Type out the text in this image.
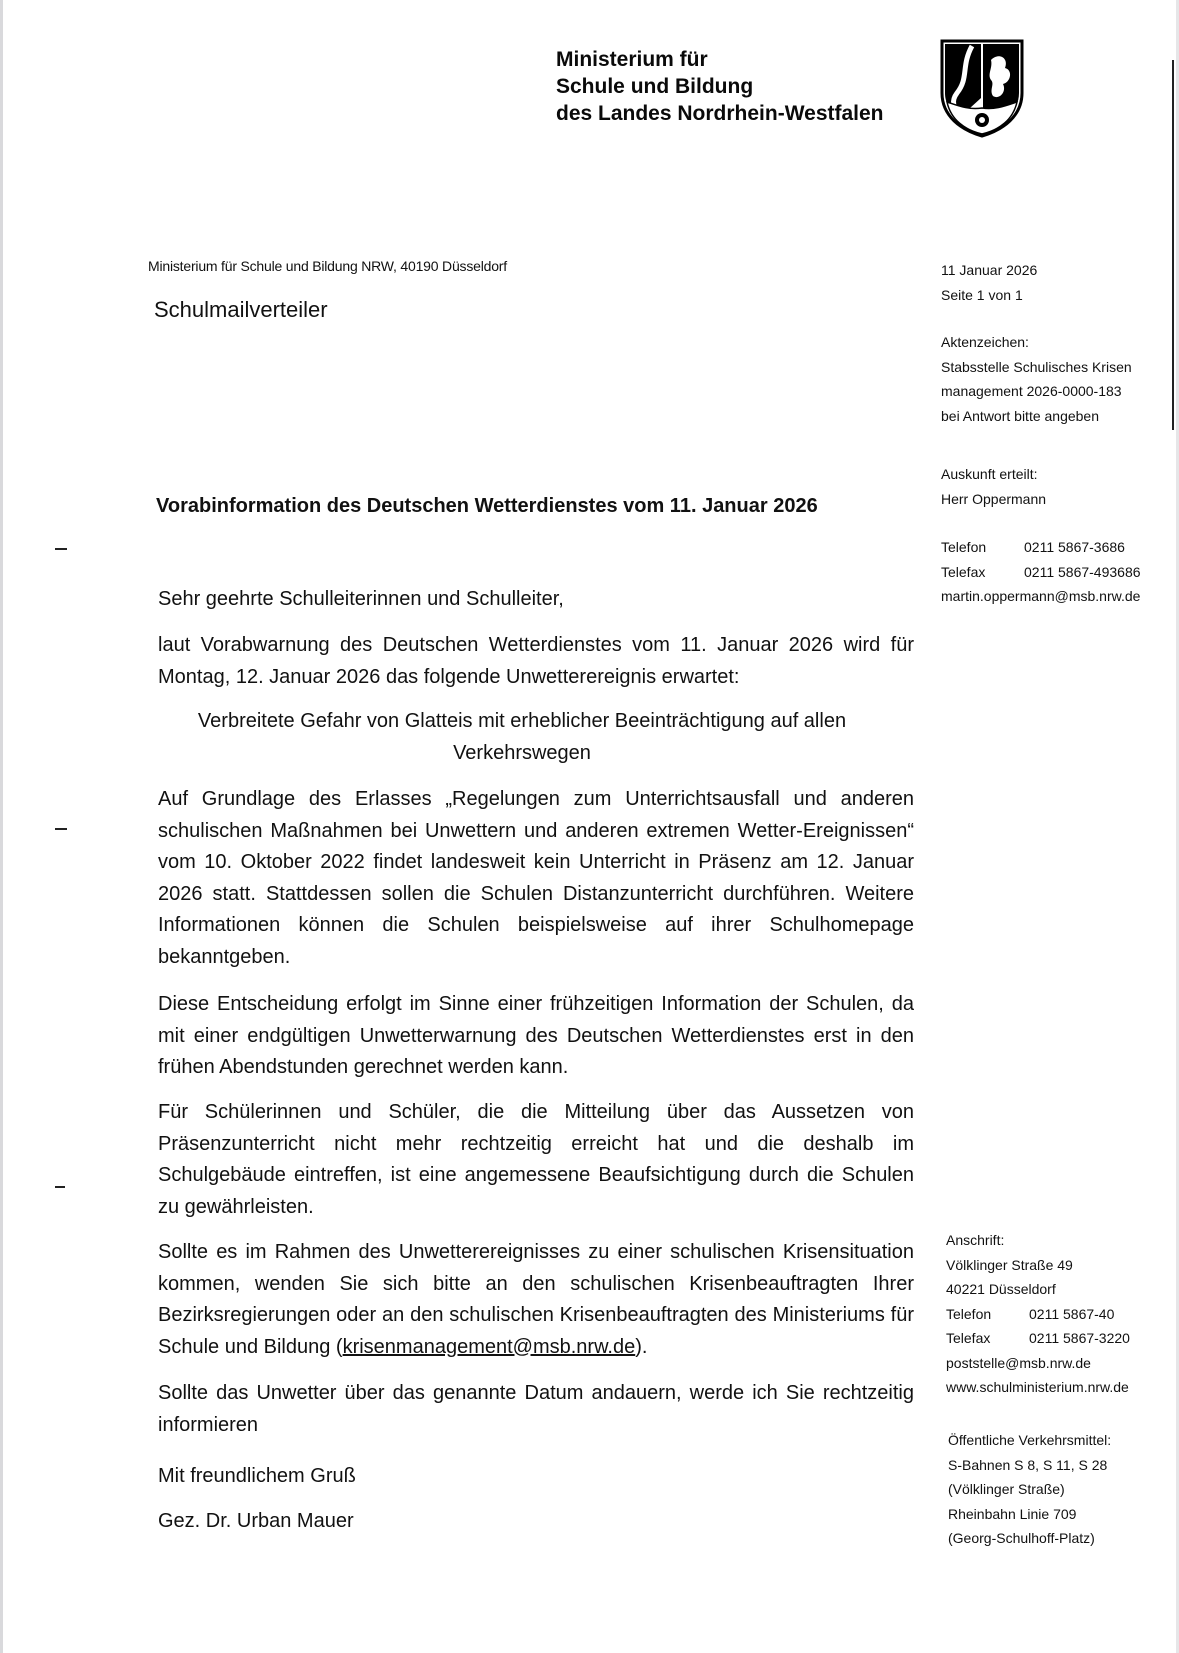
Ministerium für
Schule und Bildung
des Landes Nordrhein-Westfalen
Ministerium für Schule und Bildung NRW, 40190 Düsseldorf
Schulmailverteiler
11 Januar 2026
Seite 1 von 1
Aktenzeichen:
Stabsstelle Schulisches Krisen
management 2026-0000-183
bei Antwort bitte angeben
Auskunft erteilt:
Herr Oppermann
Telefon	0211 5867-3686
Telefax	0211 5867-493686
martin.oppermann@msb.nrw.de
Anschrift:
Völklinger Straße 49
40221 Düsseldorf
Telefon	0211 5867-40
Telefax	0211 5867-3220
poststelle@msb.nrw.de
www.schulministerium.nrw.de
Öffentliche Verkehrsmittel:
S-Bahnen S 8, S 11, S 28
(Völklinger Straße)
Rheinbahn Linie 709
(Georg-Schulhoff-Platz)
Vorabinformation des Deutschen Wetterdienstes vom 11. Januar 2026

Sehr geehrte Schulleiterinnen und Schulleiter,

laut Vorabwarnung des Deutschen Wetterdienstes vom 11. Januar 2026 wird für Montag, 12. Januar 2026 das folgende Unwetterereignis erwartet:

Verbreitete Gefahr von Glatteis mit erheblicher Beeinträchtigung auf allen Verkehrswegen

Auf Grundlage des Erlasses „Regelungen zum Unterrichtsausfall und anderen schulischen Maßnahmen bei Unwettern und anderen extremen Wetter-Ereignissen“ vom 10. Oktober 2022 findet landesweit kein Unterricht in Präsenz am 12. Januar 2026 statt. Stattdessen sollen die Schulen Distanzunterricht durchführen. Weitere Informationen können die Schulen beispielsweise auf ihrer Schulhomepage bekanntgeben.

Diese Entscheidung erfolgt im Sinne einer frühzeitigen Information der Schulen, da mit einer endgültigen Unwetterwarnung des Deutschen Wetterdienstes erst in den frühen Abendstunden gerechnet werden kann.

Für Schülerinnen und Schüler, die die Mitteilung über das Aussetzen von Präsenzunterricht nicht mehr rechtzeitig erreicht hat und die deshalb im Schulgebäude eintreffen, ist eine angemessene Beaufsichtigung durch die Schulen zu gewährleisten.

Sollte es im Rahmen des Unwetterereignisses zu einer schulischen Krisensituation kommen, wenden Sie sich bitte an den schulischen Krisenbeauftragten Ihrer Bezirksregierungen oder an den schulischen Krisenbeauftragten des Ministeriums für Schule und Bildung (krisenmanagement@msb.nrw.de).

Sollte das Unwetter über das genannte Datum andauern, werde ich Sie rechtzeitig informieren

Mit freundlichem Gruß

Gez. Dr. Urban Mauer
